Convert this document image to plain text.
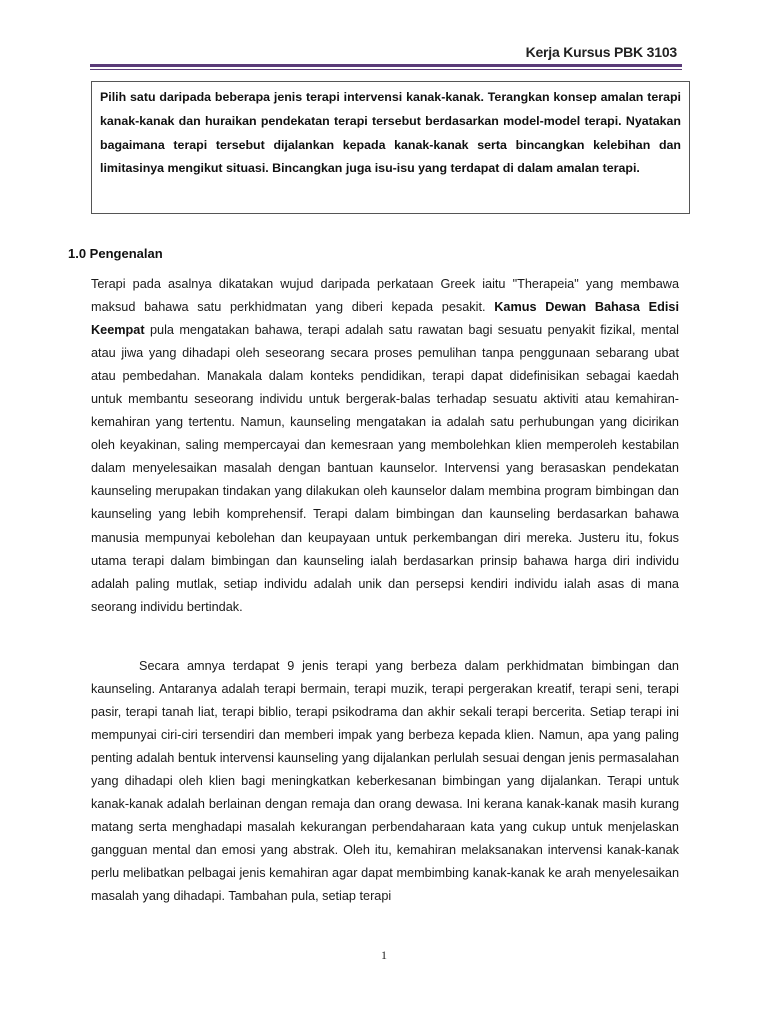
Kerja Kursus PBK 3103
Pilih satu daripada beberapa jenis terapi intervensi kanak-kanak. Terangkan konsep amalan terapi kanak-kanak dan huraikan pendekatan terapi tersebut berdasarkan model-model terapi. Nyatakan bagaimana terapi tersebut dijalankan kepada kanak-kanak serta bincangkan kelebihan dan limitasinya mengikut situasi. Bincangkan juga isu-isu yang terdapat di dalam amalan terapi.
1.0 Pengenalan
Terapi pada asalnya dikatakan wujud daripada perkataan Greek iaitu "Therapeia" yang membawa maksud bahawa satu perkhidmatan yang diberi kepada pesakit. Kamus Dewan Bahasa Edisi Keempat pula mengatakan bahawa, terapi adalah satu rawatan bagi sesuatu penyakit fizikal, mental atau jiwa yang dihadapi oleh seseorang secara proses pemulihan tanpa penggunaan sebarang ubat atau pembedahan. Manakala dalam konteks pendidikan, terapi dapat didefinisikan sebagai kaedah untuk membantu seseorang individu untuk bergerak-balas terhadap sesuatu aktiviti atau kemahiran-kemahiran yang tertentu. Namun, kaunseling mengatakan ia adalah satu perhubungan yang dicirikan oleh keyakinan, saling mempercayai dan kemesraan yang membolehkan klien memperoleh kestabilan dalam menyelesaikan masalah dengan bantuan kaunselor. Intervensi yang berasaskan pendekatan kaunseling merupakan tindakan yang dilakukan oleh kaunselor dalam membina program bimbingan dan kaunseling yang lebih komprehensif. Terapi dalam bimbingan dan kaunseling berdasarkan bahawa manusia mempunyai kebolehan dan keupayaan untuk perkembangan diri mereka. Justeru itu, fokus utama terapi dalam bimbingan dan kaunseling ialah berdasarkan prinsip bahawa harga diri individu adalah paling mutlak, setiap individu adalah unik dan persepsi kendiri individu ialah asas di mana seorang individu bertindak.
Secara amnya terdapat 9 jenis terapi yang berbeza dalam perkhidmatan bimbingan dan kaunseling. Antaranya adalah terapi bermain, terapi muzik, terapi pergerakan kreatif, terapi seni, terapi pasir, terapi tanah liat, terapi biblio, terapi psikodrama dan akhir sekali terapi bercerita. Setiap terapi ini mempunyai ciri-ciri tersendiri dan memberi impak yang berbeza kepada klien. Namun, apa yang paling penting adalah bentuk intervensi kaunseling yang dijalankan perlulah sesuai dengan jenis permasalahan yang dihadapi oleh klien bagi meningkatkan keberkesanan bimbingan yang dijalankan. Terapi untuk kanak-kanak adalah berlainan dengan remaja dan orang dewasa. Ini kerana kanak-kanak masih kurang matang serta menghadapi masalah kekurangan perbendaharaan kata yang cukup untuk menjelaskan gangguan mental dan emosi yang abstrak. Oleh itu, kemahiran melaksanakan intervensi kanak-kanak perlu melibatkan pelbagai jenis kemahiran agar dapat membimbing kanak-kanak ke arah menyelesaikan masalah yang dihadapi. Tambahan pula, setiap terapi
1
